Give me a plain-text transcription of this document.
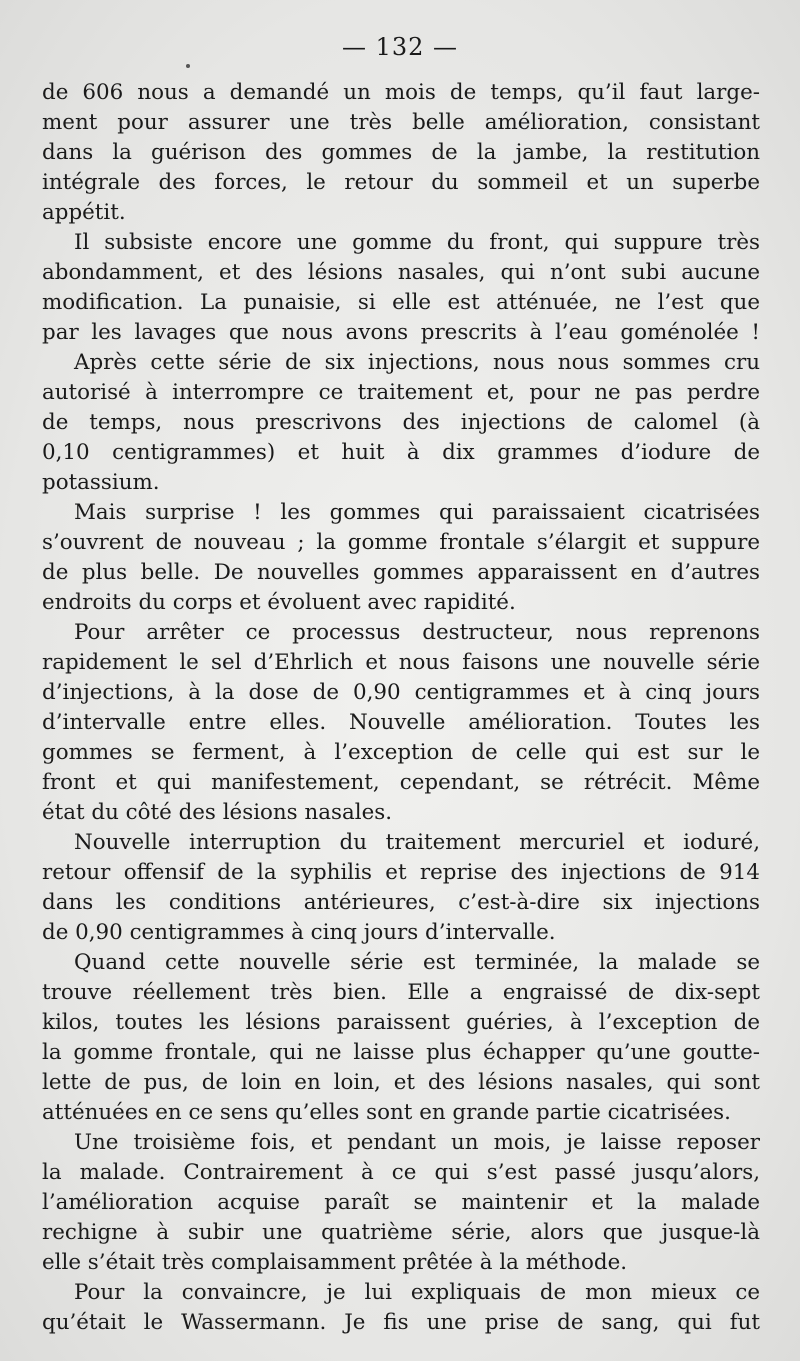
— 132 —
de 606 nous a demandé un mois de temps, qu’il faut large-
ment pour assurer une très belle amélioration, consistant
dans la guérison des gommes de la jambe, la restitution
intégrale des forces, le retour du sommeil et un superbe
appétit.
Il subsiste encore une gomme du front, qui suppure très
abondamment, et des lésions nasales, qui n’ont subi aucune
modification. La punaisie, si elle est atténuée, ne l’est que
par les lavages que nous avons prescrits à l’eau goménolée !
Après cette série de six injections, nous nous sommes cru
autorisé à interrompre ce traitement et, pour ne pas perdre
de temps, nous prescrivons des injections de calomel (à
0,10 centigrammes) et huit à dix grammes d’iodure de
potassium.
Mais surprise ! les gommes qui paraissaient cicatrisées
s’ouvrent de nouveau ; la gomme frontale s’élargit et suppure
de plus belle. De nouvelles gommes apparaissent en d’autres
endroits du corps et évoluent avec rapidité.
Pour arrêter ce processus destructeur, nous reprenons
rapidement le sel d’Ehrlich et nous faisons une nouvelle série
d’injections, à la dose de 0,90 centigrammes et à cinq jours
d’intervalle entre elles. Nouvelle amélioration. Toutes les
gommes se ferment, à l’exception de celle qui est sur le
front et qui manifestement, cependant, se rétrécit. Même
état du côté des lésions nasales.
Nouvelle interruption du traitement mercuriel et ioduré,
retour offensif de la syphilis et reprise des injections de 914
dans les conditions antérieures, c’est-à-dire six injections
de 0,90 centigrammes à cinq jours d’intervalle.
Quand cette nouvelle série est terminée, la malade se
trouve réellement très bien. Elle a engraissé de dix-sept
kilos, toutes les lésions paraissent guéries, à l’exception de
la gomme frontale, qui ne laisse plus échapper qu’une goutte-
lette de pus, de loin en loin, et des lésions nasales, qui sont
atténuées en ce sens qu’elles sont en grande partie cicatrisées.
Une troisième fois, et pendant un mois, je laisse reposer
la malade. Contrairement à ce qui s’est passé jusqu’alors,
l’amélioration acquise paraît se maintenir et la malade
rechigne à subir une quatrième série, alors que jusque-là
elle s’était très complaisamment prêtée à la méthode.
Pour la convaincre, je lui expliquais de mon mieux ce
qu’était le Wassermann. Je fis une prise de sang, qui fut
